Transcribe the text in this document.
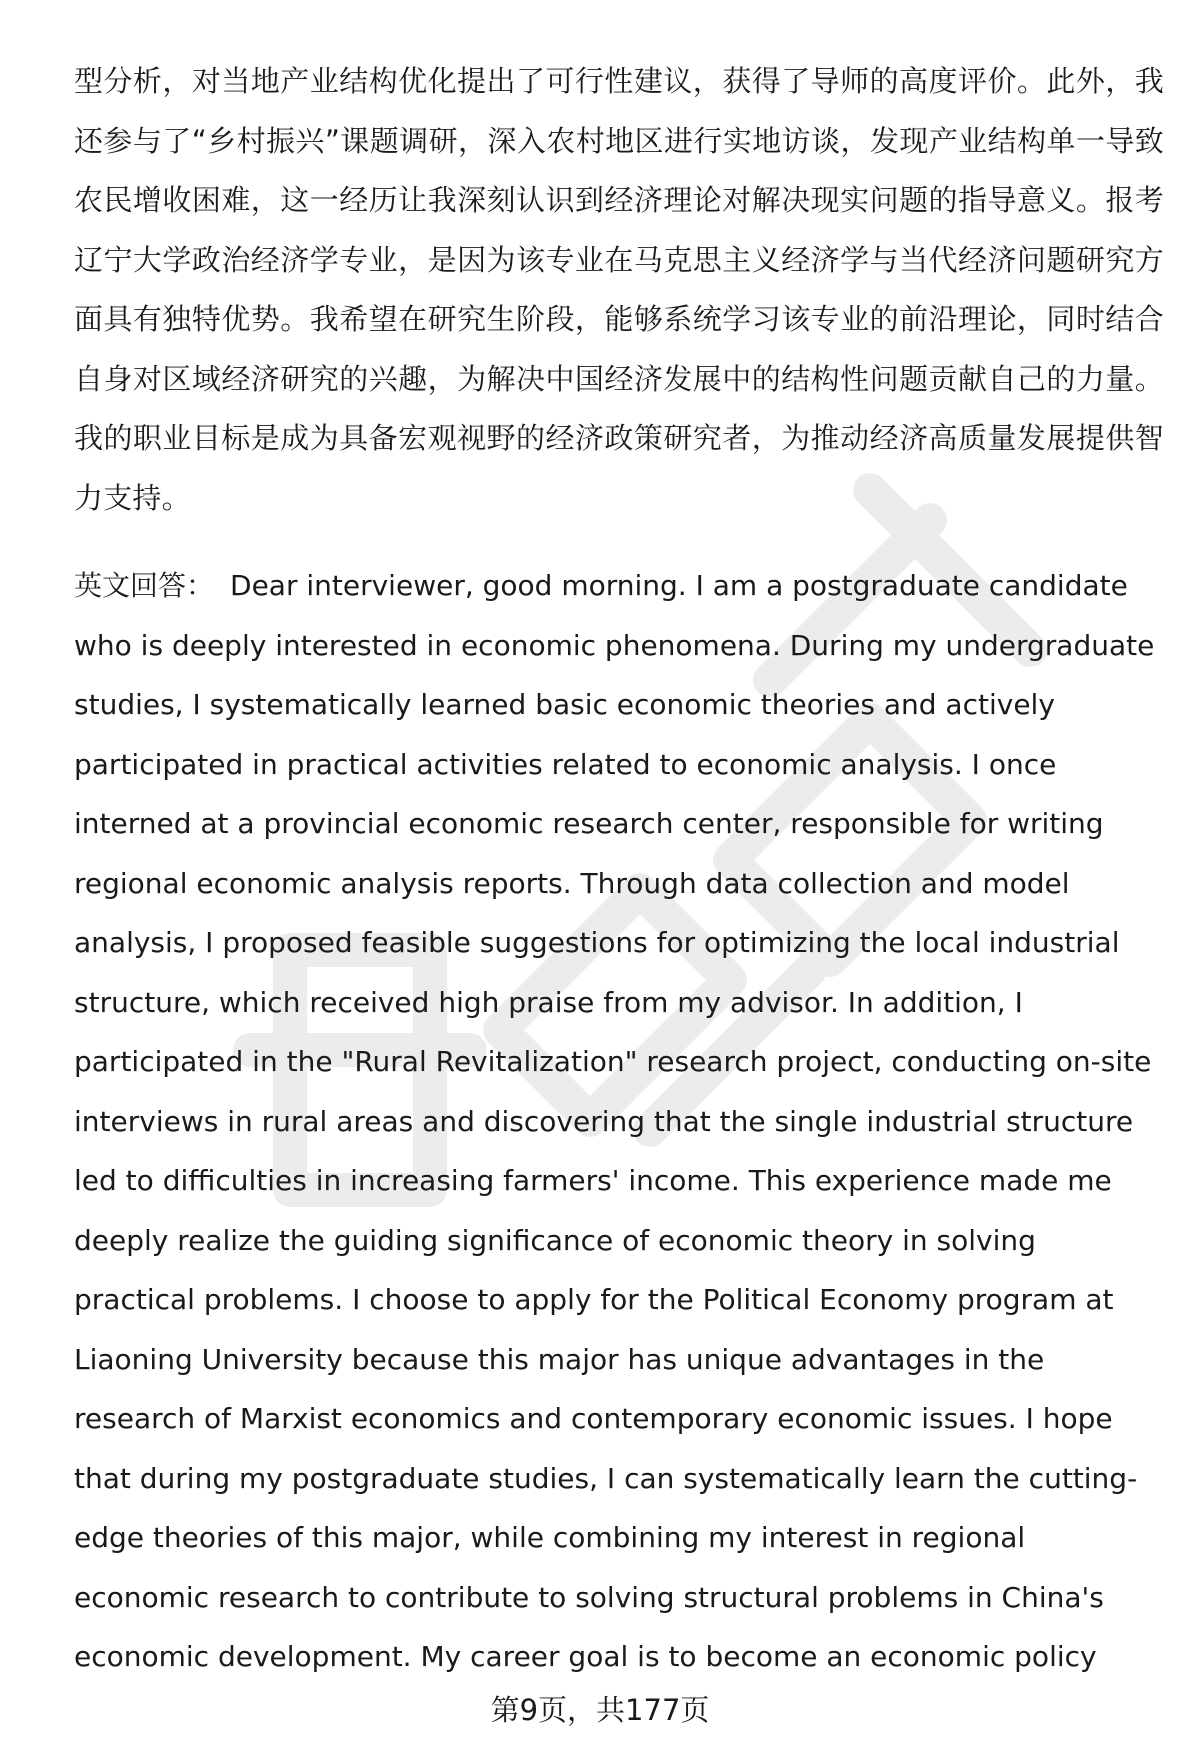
型分析，对当地产业结构优化提出了可行性建议，获得了导师的高度评价。此外，我还参与了“乡村振兴”课题调研，深入农村地区进行实地访谈，发现产业结构单一导致农民增收困难，这一经历让我深刻认识到经济理论对解决现实问题的指导意义。报考辽宁大学政治经济学专业，是因为该专业在马克思主义经济学与当代经济问题研究方面具有独特优势。我希望在研究生阶段，能够系统学习该专业的前沿理论，同时结合自身对区域经济研究的兴趣，为解决中国经济发展中的结构性问题贡献自己的力量。我的职业目标是成为具备宏观视野的经济政策研究者，为推动经济高质量发展提供智力支持。

英文回答： Dear interviewer, good morning. I am a postgraduate candidate who is deeply interested in economic phenomena. During my undergraduate studies, I systematically learned basic economic theories and actively participated in practical activities related to economic analysis. I once interned at a provincial economic research center, responsible for writing regional economic analysis reports. Through data collection and model analysis, I proposed feasible suggestions for optimizing the local industrial structure, which received high praise from my advisor. In addition, I participated in the "Rural Revitalization" research project, conducting on-site interviews in rural areas and discovering that the single industrial structure led to difficulties in increasing farmers' income. This experience made me deeply realize the guiding significance of economic theory in solving practical problems. I choose to apply for the Political Economy program at Liaoning University because this major has unique advantages in the research of Marxist economics and contemporary economic issues. I hope that during my postgraduate studies, I can systematically learn the cutting-edge theories of this major, while combining my interest in regional economic research to contribute to solving structural problems in China's economic development. My career goal is to become an economic policy

第9页，共177页
